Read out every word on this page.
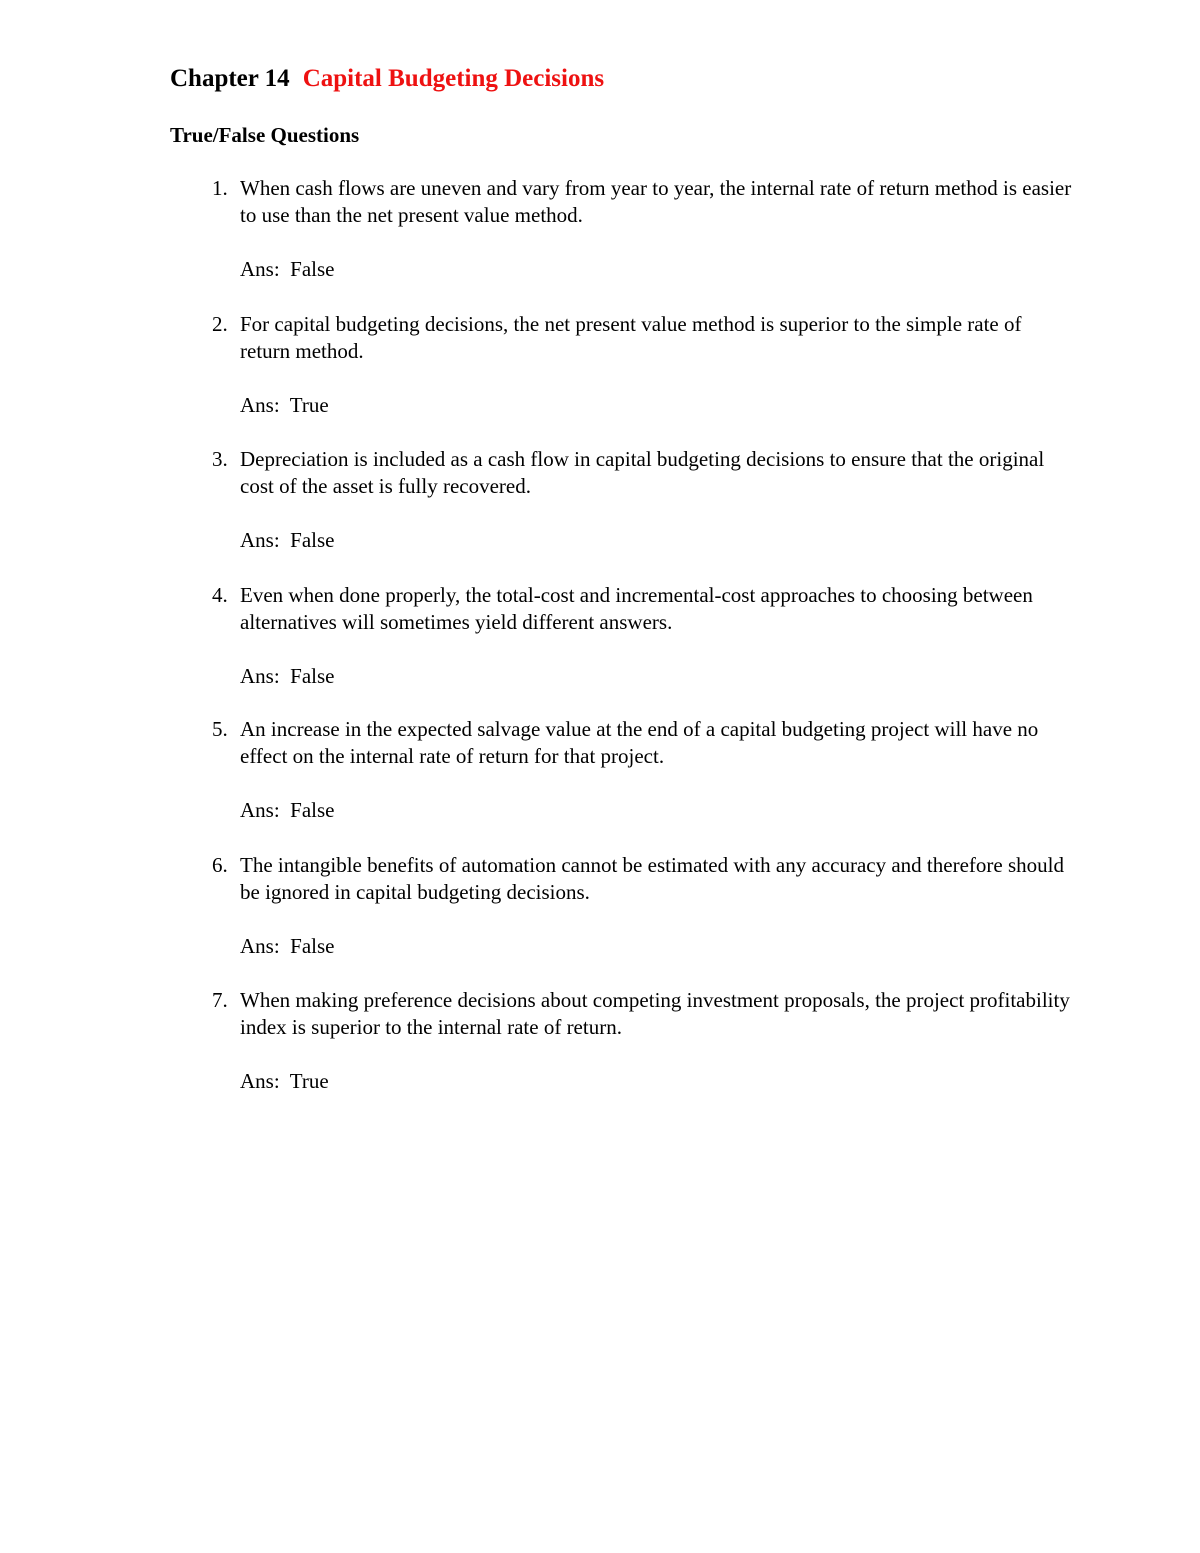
Chapter 14 Capital Budgeting Decisions
True/False Questions
1. When cash flows are uneven and vary from year to year, the internal rate of return method is easier to use than the net present value method.
Ans:  False
2. For capital budgeting decisions, the net present value method is superior to the simple rate of return method.
Ans:  True
3. Depreciation is included as a cash flow in capital budgeting decisions to ensure that the original cost of the asset is fully recovered.
Ans:  False
4. Even when done properly, the total-cost and incremental-cost approaches to choosing between alternatives will sometimes yield different answers.
Ans:  False
5. An increase in the expected salvage value at the end of a capital budgeting project will have no effect on the internal rate of return for that project.
Ans:  False
6. The intangible benefits of automation cannot be estimated with any accuracy and therefore should be ignored in capital budgeting decisions.
Ans:  False
7. When making preference decisions about competing investment proposals, the project profitability index is superior to the internal rate of return.
Ans:  True
